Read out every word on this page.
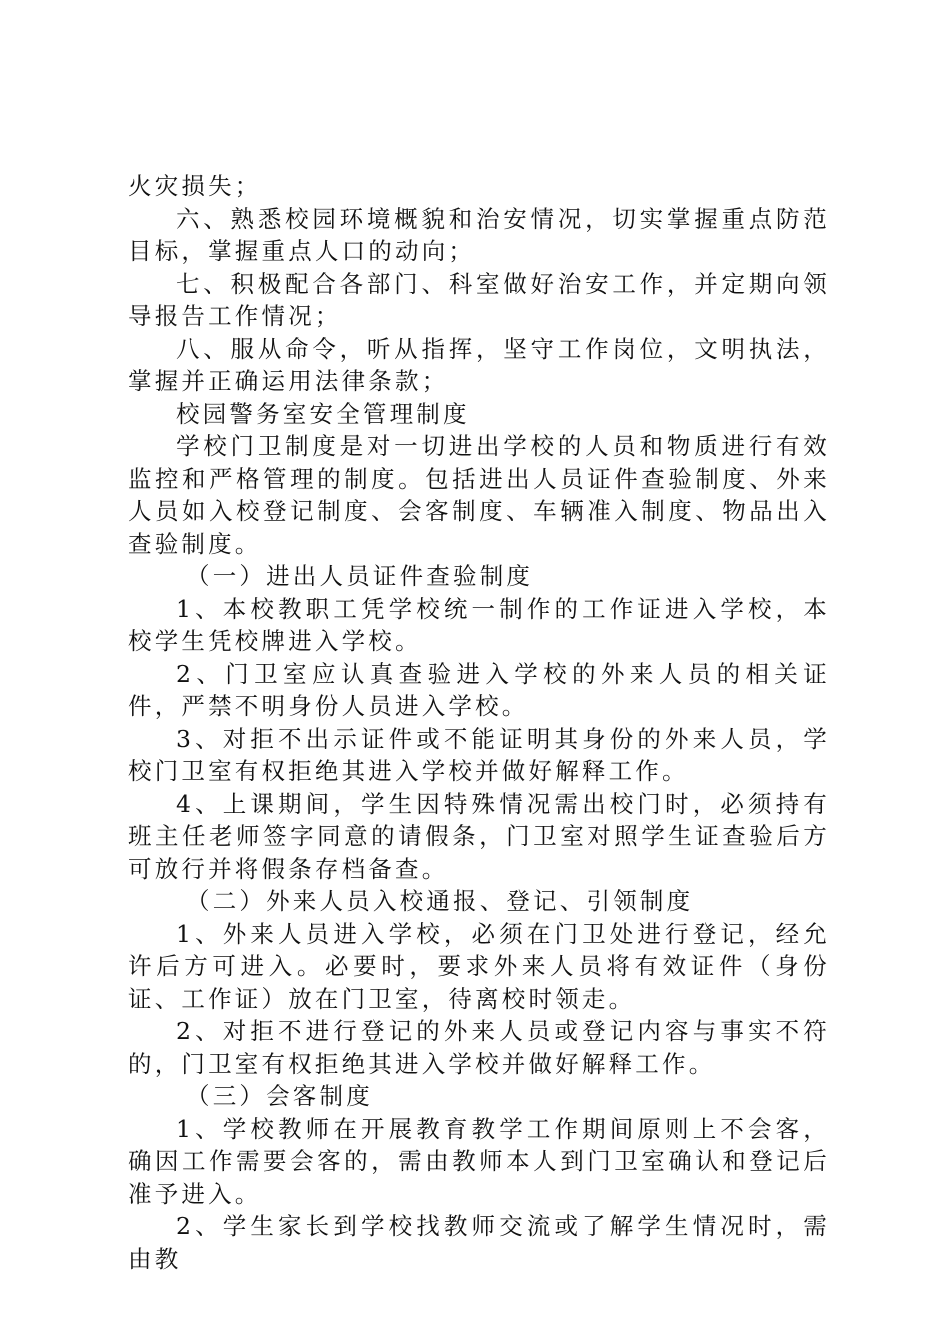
火灾损失；

六、熟悉校园环境概貌和治安情况，切实掌握重点防范目标，掌握重点人口的动向；

七、积极配合各部门、科室做好治安工作，并定期向领导报告工作情况；

八、服从命令，听从指挥，坚守工作岗位，文明执法，掌握并正确运用法律条款；

校园警务室安全管理制度

学校门卫制度是对一切进出学校的人员和物质进行有效监控和严格管理的制度。包括进出人员证件查验制度、外来人员如入校登记制度、会客制度、车辆准入制度、物品出入查验制度。

（一）进出人员证件查验制度

1、本校教职工凭学校统一制作的工作证进入学校，本校学生凭校牌进入学校。

2、门卫室应认真查验进入学校的外来人员的相关证件，严禁不明身份人员进入学校。

3、对拒不出示证件或不能证明其身份的外来人员，学校门卫室有权拒绝其进入学校并做好解释工作。

4、上课期间，学生因特殊情况需出校门时，必须持有班主任老师签字同意的请假条，门卫室对照学生证查验后方可放行并将假条存档备查。

（二）外来人员入校通报、登记、引领制度

1、外来人员进入学校，必须在门卫处进行登记，经允许后方可进入。必要时，要求外来人员将有效证件（身份证、工作证）放在门卫室，待离校时领走。

2、对拒不进行登记的外来人员或登记内容与事实不符的，门卫室有权拒绝其进入学校并做好解释工作。

（三）会客制度

1、学校教师在开展教育教学工作期间原则上不会客，确因工作需要会客的，需由教师本人到门卫室确认和登记后准予进入。

2、学生家长到学校找教师交流或了解学生情况时，需由教
